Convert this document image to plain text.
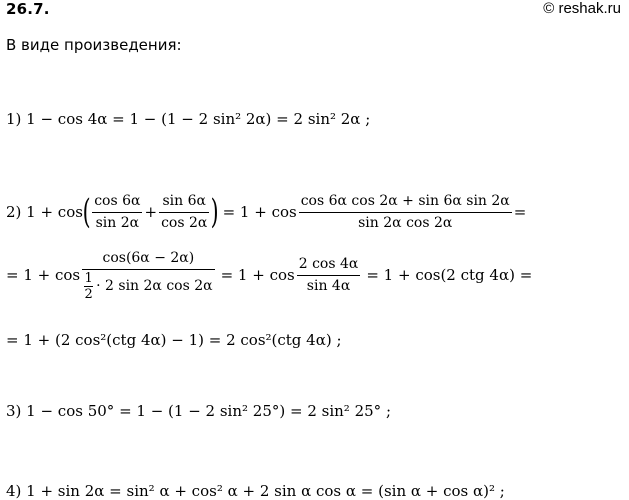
26.7.	© reshak.ru
В виде произведения:
1) 1 − cos 4α = 1 − (1 − 2 sin² 2α) = 2 sin² 2α ;
2) 1 + cos ( $\frac{\cos 6\alpha}{\sin 2\alpha} + \frac{\sin 6\alpha}{\cos 2\alpha}$ ) = $1 + \cos \frac{\text{cos 6α cos 2α + sin 6α sin 2α}}{\text{sin 2α cos 2α}}$ =
= $1 + \cos \frac{\cos(6\alpha - 2\alpha)}{\frac{1}{2} \cdot 2 \sin 2\alpha \cos 2\alpha} = 1 + \cos \frac{2 \cos 4\alpha}{\sin 4\alpha} = 1 + \cos(2$ ctg 4α) =
= 1 + (2 cos²(ctg 4α) − 1) = 2 cos²(ctg 4α) ;
3) 1 − cos 50° = 1 − (1 − 2 sin² 25°) = 2 sin² 25° ;
4) 1 + sin 2α = sin² α + cos² α + 2 sin α cos α = (sin α + cos α)² ;
